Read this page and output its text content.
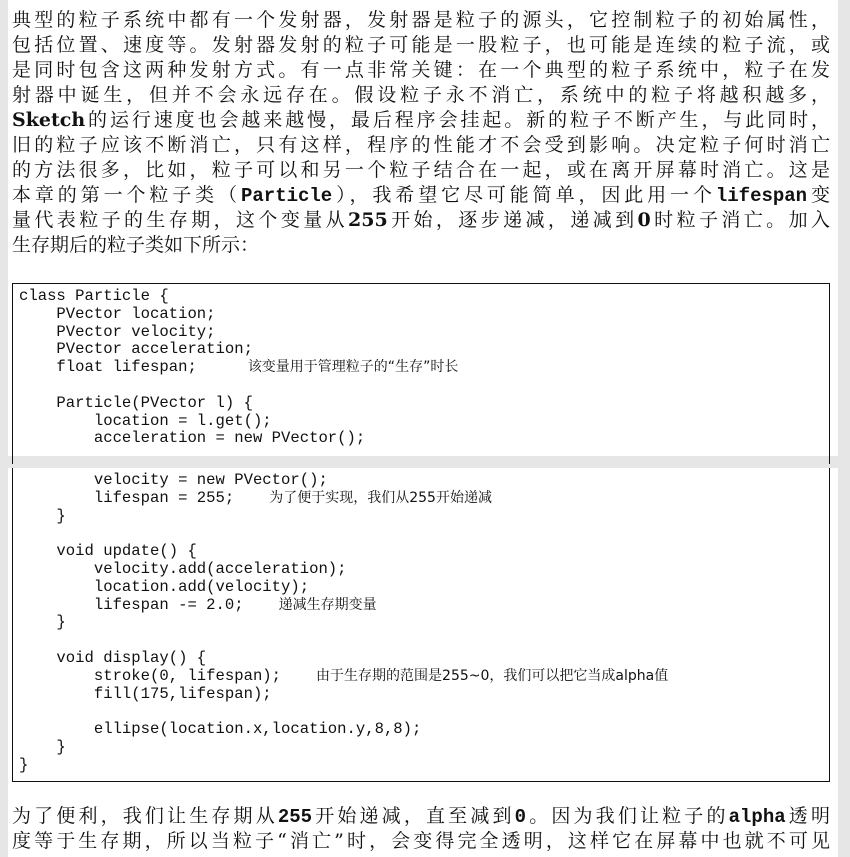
典型的粒子系统中都有一个发射器，发射器是粒子的源头，它控制粒子的初始属性，
包括位置、速度等。发射器发射的粒子可能是一股粒子，也可能是连续的粒子流，或
是同时包含这两种发射方式。有一点非常关键：在一个典型的粒子系统中，粒子在发
射器中诞生，但并不会永远存在。假设粒子永不消亡，系统中的粒子将越积越多，
Sketch的运行速度也会越来越慢，最后程序会挂起。新的粒子不断产生，与此同时，
旧的粒子应该不断消亡，只有这样，程序的性能才不会受到影响。决定粒子何时消亡
的方法很多，比如，粒子可以和另一个粒子结合在一起，或在离开屏幕时消亡。这是
本章的第一个粒子类（Particle），我希望它尽可能简单，因此用一个lifespan变
量代表粒子的生存期，这个变量从255开始，逐步递减，递减到0时粒子消亡。加入
生存期后的粒子类如下所示：
class Particle {
PVector location;
PVector velocity;
PVector acceleration;
float lifespan;	该变量用于管理粒子的“生存”时长
Particle(PVector l) {
location = l.get();
acceleration = new PVector();
velocity = new PVector();
lifespan = 255;	为了便于实现，我们从255开始递减
}
void update() {
velocity.add(acceleration);
location.add(velocity);
lifespan -= 2.0;	递减生存期变量
}
void display() {
stroke(0, lifespan);	由于生存期的范围是255~0，我们可以把它当成alpha值
fill(175,lifespan);
ellipse(location.x,location.y,8,8);
}
}
为了便利，我们让生存期从255开始递减，直至减到0。因为我们让粒子的alpha透明
度等于生存期，所以当粒子“消亡”时，会变得完全透明，这样它在屏幕中也就不可见
